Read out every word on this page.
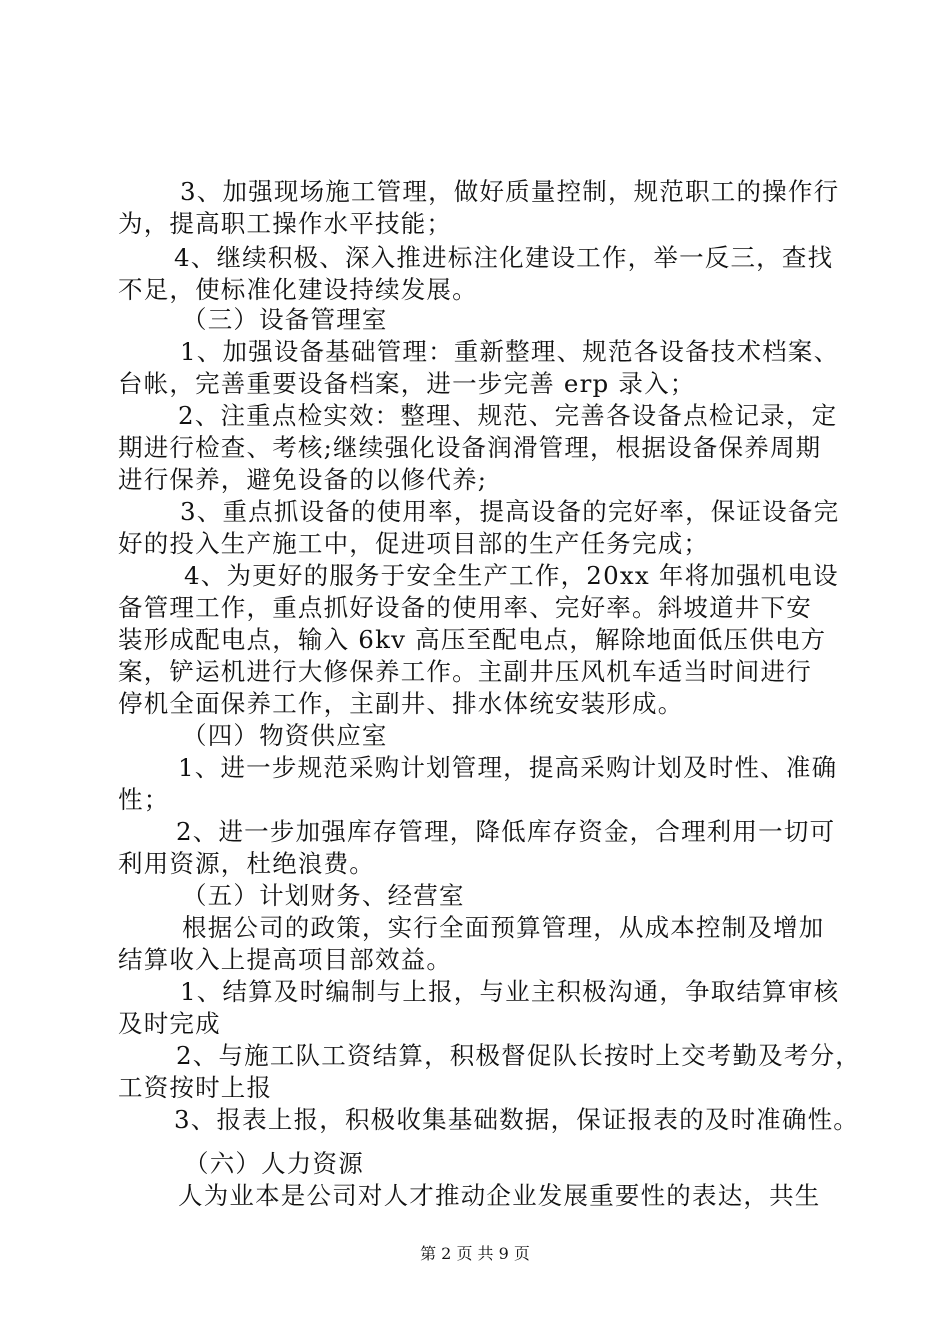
3、加强现场施工管理，做好质量控制，规范职工的操作行
为，提高职工操作水平技能；
4、继续积极、深入推进标注化建设工作，举一反三，查找
不足，使标准化建设持续发展。
（三）设备管理室
1、加强设备基础管理：重新整理、规范各设备技术档案、
台帐，完善重要设备档案，进一步完善 erp 录入；
2、注重点检实效：整理、规范、完善各设备点检记录，定
期进行检查、考核;继续强化设备润滑管理，根据设备保养周期
进行保养，避免设备的以修代养;
3、重点抓设备的使用率，提高设备的完好率，保证设备完
好的投入生产施工中，促进项目部的生产任务完成；
4、为更好的服务于安全生产工作，20xx 年将加强机电设
备管理工作，重点抓好设备的使用率、完好率。斜坡道井下安
装形成配电点，输入 6kv 高压至配电点，解除地面低压供电方
案，铲运机进行大修保养工作。主副井压风机车适当时间进行
停机全面保养工作，主副井、排水体统安装形成。
（四）物资供应室
1、进一步规范采购计划管理，提高采购计划及时性、准确
性；
2、进一步加强库存管理，降低库存资金，合理利用一切可
利用资源，杜绝浪费。
（五）计划财务、经营室
根据公司的政策，实行全面预算管理，从成本控制及增加
结算收入上提高项目部效益。
1、结算及时编制与上报，与业主积极沟通，争取结算审核
及时完成
2、与施工队工资结算，积极督促队长按时上交考勤及考分，
工资按时上报
3、报表上报，积极收集基础数据，保证报表的及时准确性。
（六）人力资源
人为业本是公司对人才推动企业发展重要性的表达，共生
第 2 页 共 9 页
